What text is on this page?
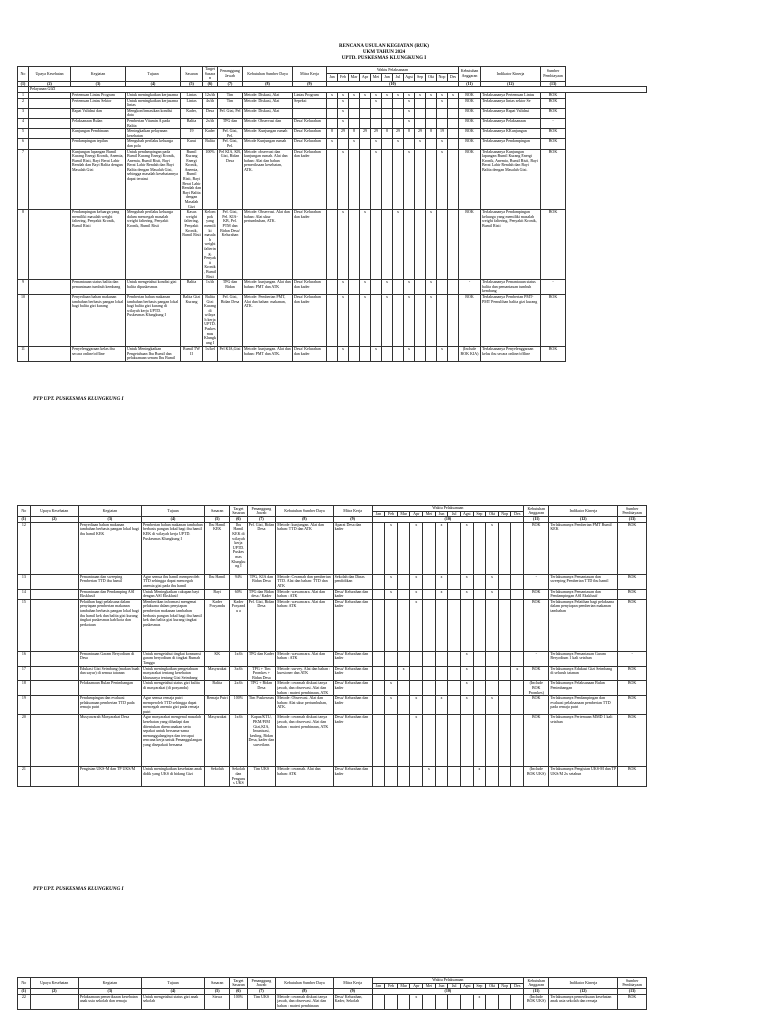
RENCANA USULAN KEGIATAN (RUK)
UKM TAHUN 2024
UPTD. PUSKESMAS KLUNGKUNG I
No	Upaya Kesehatan	Kegiatan	Tujuan	Sasaran	Target Sasaran	Penanggung Jawab	Kebutuhan Sumber Daya	Mitra Kerja	Waktu Pelaksanaan												Kebutuhan Anggaran	Indikator Kinerja	Sumber Pembiayaan
									Jan	Feb	Mar	Apr	Mei	Jun	Jul	Agst	Sep	Okt	Nop	Des			
(1)	(2)	(3)	(4)	(5)	(6)	(7)	(8)	(9)	(10)												(11)	(12)	(13)
	Pelayanan GIZI																						
1		Pertemuan Lintas Program	Untuk meningkatkan kerjasama	Lintas	12x/th	Tim	Metode: Diskusi, Alat	Lintas Program	x	x	x	x	x	x	x	x	x	x	x	x	BOK	Terlaksananya Pertemuan Lintas	BOK
2		Pertemuan Lintas Sektor	Untuk meningkatkan kerjasama lintas	Lintas	4x/th	Tim	Metode: Diskusi, Alat	Sepeksi		x			x			x			x		BOK	Terlaksananya lintas sektor Se	BOK
3		Rapat Validasi dan	Mengkonfirmasikan kondisi data	Kader,	Desa	Pel. Gizi, Pel	Metode: Diskusi, Alat			x						x					BOK	Terlaksananya Rapat Validasi	BOK
4		Pelaksanaan Bulan	Pemberian Vitamin A pada Balita	Balita	2x/th	TPG dan	Metode: Observasi dan	Desa/ Kelurahan		x						x					BOK	Terlaksananya Pelaksanaan	-
5		Kunjungan Pembinaan	Meningkatkan pelayanan kesehatan	19	Kader	Pel. Gizi, Pel.	Metode: Kunjungan rumah	Desa/ Kelurahan	8	29	8	29	29	8	29	8	29	8	19		BOK	Terlaksananya KKunjungan	BOK
6		Pendampingan tepilan	Mengubah perilaku keluarga dan pola	Karui	Balita	Pel. Gizi, Pel.	Metode Kunjungan rumah	Desa/ Kelurahan	x		x		x		x		x		x		BOK	Terlaksananya Pendampingan	BOK
7		Kunjungan lapangan Bumil Kurang Energi Kronik, Anemia, Bumil Risti, Bayi Berat Lahir Rendah dan Bayi Balita dengan Masalah Gizi	Untuk pendampingan pada Bumil Kurang Energi Kronik, Anemia, Bumil Risti, Bayi Berat Lahir Rendah dan Bayi Balita dengan Masalah Gizi, sehingga masalah kesehatannya dapat teratasi	Bumil Kurang Energi Kronik, Anemia, Bumil Risti, Bayi Berat Lahir Rendah dan Bayi Balita dengan Masalah Gizi	100%	Pel KIA, KB, Gizi, Bidan Desa	Metode: observasi dan kunjungan rumah. Alat dan bahan: Alat dan bahan pemeriksaan kesehatan, ATK.	Desa/ Kelurahan dan kader		x			x			x			x		BOK	Terlaksananya Kunjungan lapangan Bumil Kurang Energi Kronik, Anemia, Bumil Risti, Bayi Berat Lahir Rendah dan Bayi Balita dengan Masalah Gizi.	BOK
8		Pendampingan keluarga yang memiliki masalah weight faltering, Penyakit Kronik, Bumil Risti	Mengubah perilaku keluarga dalam mencegah masalah weight faltering, Penyakit Kronik, Bumil Risti	Kasus weight faltering, Penyakit Kronik, Bumil Risti	Kelompok yang memiliki masalah weight faltering, Penyakit Kronik, Bumil Risti	Pel. Gizi, Pel. KIA-KB, Pel. PTM dan Bidan Desa/ Kelurahan	Metode: Observasi. Alat dan bahan: Alat ukur pertumbuhan, ATK.	Desa/ Kelurahan dan kader		x		x			x			x			BOK	Terlaksananya Pendampingan keluarga yang memiliki masalah weight faltering, Penyakit Kronik, Bumil Risti	BOK
9		Pemantauan status balita dan pemantauan tumbuh kembang	Untuk mengetahui kondisi gizi balita dipuskesmas	Balita	1x/th	TPG dan Bidan	Metode: kunjungan. Alat dan bahan: PMT dan ATK	Desa/ Kelurahan dan kader		x		x		x		x		x			-	Terlaksananya Pemantauan status balita dan pemantauan tumbuh kembang	-
10		Penyediaan bahan makanan tambahan berbasis pangan lokal bagi balita gizi kurang	Pemberian bahan makanan tambahan berbasis pangan lokal bagi balita gizi kurang di wilayah kerja UPTD. Puskesmas Klungkung I	Balita Gizi Kurang	Balita Gizi Kurang di wilayah kerja UPTD. Puskesmas Klungkung I	Pel. Gizi, Bidan Desa	Metode: Pemberian PMT, Alat dan bahan: makanan, ATK.	Desa/ Kelurahan dan kader		x		x		x		x		x			BOK	Terlaksananya Pemberian PMT- PMT Pemulihan balita gizi kurang	BOK
11		Penyelenggaraan kelas ibu secara online/offline	Untuk Meningkatkan Pengetahuan Ibu Bumil dan pelaksanaan senam Ibu Bumil	Bumil TW II	1x/kel	Pel KIA,Gizi	Metode: kunjungan. Alat dan bahan: PMT dan ATK.	Desa/ Kelurahan dan kader		x			x			x			x		(Include BOK KIA)	Terlaksananya Penyelenggaraan kelas ibu secara online/offline	BOK
PTP UPT. PUSKESMAS KLUNGKUNG I
No	Upaya Kesehatan	Kegiatan	Tujuan	Sasaran	Target Sasaran	Penanggung Jawab	Kebutuhan Sumber Daya	Mitra Kerja	Waktu Pelaksanaan												Kebutuhan Anggaran	Indikator Kinerja	Sumber Pembiayaan
									Jan	Feb	Mar	Apr	Mei	Jun	Jul	Agst	Sep	Okt	Nop	Des			
(1)	(2)	(3)	(4)	(5)	(6)	(7)	(8)	(9)	(10)												(11)	(12)	(13)
12		Penyediaan bahan makanan tambahan berbasis pangan lokal bagi ibu hamil KEK	Pemberian bahan makanan tambahan berbasis pangan lokal bagi ibu hamil KEK di wilayah kerja UPTD. Puskesmas Klungkung I	Ibu Hamil KEK	Ibu Hamil KEK di wilayah kerja UPTD. Puskesmas Klungkung I	Pel. Gizi, Bidan Desa	Metode: kunjungan. Alat dan bahan: TTD dan ATK	Aparat Desa dan kader		x		x		x		x		x			BOK	Terlaksananya Pemberian PMT Bumil KEK	BOK
13		Pemantauan dan sweeping Pemberian TTD ibu hamil	Agar semua ibu hamil memperoleh TTD sehingga dapat mencegah anemia gizi pada ibu hamil	Ibu Hamil	94%	TPG, KIA dan Bidan Desa	Metode: Ceramah dan pemberian TTD. Alat dan bahan: TTD dan ATK	Sekolah dan Dinas pendidikan		x		x		x		x		x			-	Terlaksananya Pemantauan dan sweeping Pemberian TTD ibu hamil	BOK
14		Pemantauan dan Pendamping ASI Eksklusif	Untuk Meningkatkan cakupan bayi dengan ASI Eksklusif	Bayi	60%	TPG dan Bidan desa / Kader	Metode: wawancara. Alat dan bahan : ATK	Desa/ Kelurahan dan kader		x		x		x		x		x			BOK	Terlaksananya Pemantauan dan Pendampingan ASI Eksklusif	BOK
15		Pelatihan bagi pelaksana dalam penyiapan pemberian makanan tambahan berbasis pangan lokal bagi ibu hamil kek dan balita gizi kurang tingkat puskesmas kab/kota dan perkotaan	Memberikan informasi mengenai pelaksana dalam penyiapan pemberian makanan tambahan berbasis pangan lokal bagi ibu hamil kek dan balita gizi kurang tingkat puskesmas	Kader Posyandu	Kader Posyandu a	Pel. Gizi, Bidan Desa	Metode: wawancara. Alat dan bahan: ATK	Desa/ Kelurahan dan kader				x									BOK	Terlaksananya Pelatihan bagi pelaksana dalam penyiapan pemberian makanan tambahan	BOK
16		Pemantauan Garam Beryodium di Desa	Untuk mengetahui tingkat konsumsi garam beryodium di tingkat Rumah Tangga	KK	1x/th	TPG dan Kader	Metode: wawancara. Alat dan bahan : ATK	Desa/ Kelurahan dan kader								x					-	Terlaksananya Pemantauan Garam Beryodium 1 kali setahun	-
17		Edukasi Gizi Seimbang (makan buah dan sayur) di semua tatanan	Untuk meningkatkan pengetahuan masyarakat tentang kesehatan khususnya tentang Gizi Seimbang	Masyarakat	3x/th	TPG + Tim Promkes + Bidan Desa	Metode: survey. Alat dan bahan : kuesioner dan ATK	Desa/ Kelurahan dan kader			x					x				x	BOK	Terlaksananya Edukasi Gizi Seimbang di seluruh tatanan	BOK
18		Pelaksanaan Bulan Penimbangan	Untuk mengetahui status gizi balita di masyarakat (di posyandu)	Balita	2x/th	TPG + Bidan Desa	Metode: ceramah diskusi tanya jawab, dan observasi. Alat dan bahan : materi pembinaan, ATK	Desa/ Kelurahan dan kader		x						x					(Include BOK Promkes)	Terlaksananya Pelaksanaan Bulan Penimbangan	BOK
19		Pendampingan dan evaluasi pelaksanaan pemberian TTD pada remaja putri	Agar semua remaja putri memperoleh TTD sehingga dapat mencegah anemia gizi pada remaja putri	Remaja Putri	100%	Tim Puskesmas	Metode: Observasi. Alat dan bahan: Alat ukur pertumbuhan, ATK.	Desa/ Kelurahan dan kader		x		x		x		x		x			BOK	Terlaksananya Pendampingan dan evaluasi pelaksanaan pemberian TTD pada remaja putri	BOK
20		Musyawarah Masyarakat Desa	Agar masyarakat mengenal masalah kesehatan yang dihadapi dan ditentukan direncanakan serta sepakat untuk bersama-sama menanggulanginya dan tercapai rencana kerja untuk Penanggulangan yang disepakati bersama	Masyarakat	1x/th	Kapus/KTU, PKM/PJM Gizi,KIA, Imunisasi, kesling, Bidan Desa, kader dan surveilans	Metode: ceramah diskusi tanya jawab, dan observasi. Alat dan bahan : materi pembinaan, ATK	Desa/ Kelurahan dan kader				x									BOK	Terlaksananya Pertemuan MMD 1 kali setahun	BOK
21		Pengisian UKS-M dan TP UKS/M	Untuk meningkatkan kesehatan anak didik yang UKS di bidang Gizi	Sekolah	Sekolah dan Pengurus UKS	Tim UKS	Metode: ceramah. Alat dan bahan: ATK	Desa/ Kelurahan dan kader					x				x				(Include BOK UKS)	Terlaksananya Pengisian UKS-M dan TP UKS/M 2x setahun	BOK
PTP UPT. PUSKESMAS KLUNGKUNG I
No	Upaya Kesehatan	Kegiatan	Tujuan	Sasaran	Target Sasaran	Penanggung Jawab	Kebutuhan Sumber Daya	Mitra Kerja	Waktu Pelaksanaan												Kebutuhan Anggaran	Indikator Kinerja	Sumber Pembiayaan
									Jan	Feb	Mar	Apr	Mei	Jun	Jul	Agst	Sep	Okt	Nop	Des			
(1)	(2)	(3)	(4)	(5)	(6)	(7)	(8)	(9)	(10)												(11)	(12)	(13)
22		Pelaksanaan pemeriksaan kesehatan anak usia sekolah dan remaja	Untuk mengetahui status gizi anak sekolah	Siswa	100%	Tim UKS	Metode: ceramah diskusi tanya jawab, dan observasi. Alat dan bahan : materi pembinaan	Desa/ Kelurahan, Kader, Sekolah				x					x				(Include BOK UKS)	Terlaksananya pemeriksaan kesehatan anak usia sekolah dan remaja	BOK
